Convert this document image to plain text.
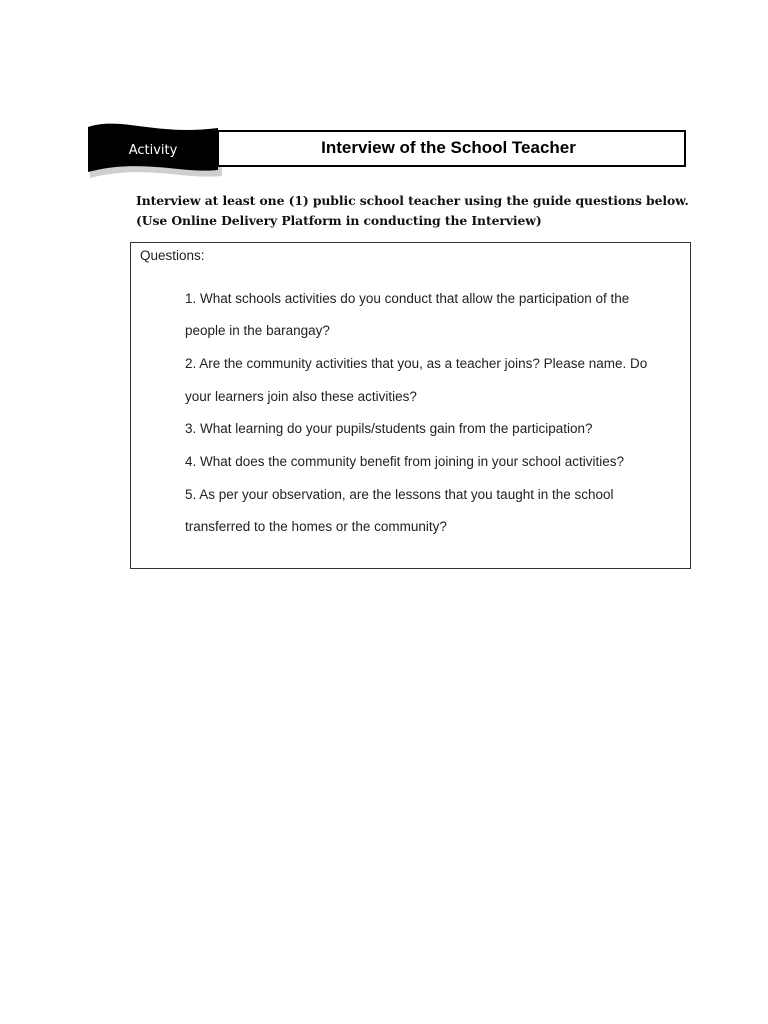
Activity	Interview of the School Teacher
Interview at least one (1) public school teacher using the guide questions below.
(Use Online Delivery Platform in conducting the Interview)
Questions:
1. What schools activities do you conduct that allow the participation of the
people in the barangay?
2. Are the community activities that you, as a teacher joins? Please name. Do
your learners join also these activities?
3. What learning do your pupils/students gain from the participation?
4. What does the community benefit from joining in your school activities?
5. As per your observation, are the lessons that you taught in the school
transferred to the homes or the community?
